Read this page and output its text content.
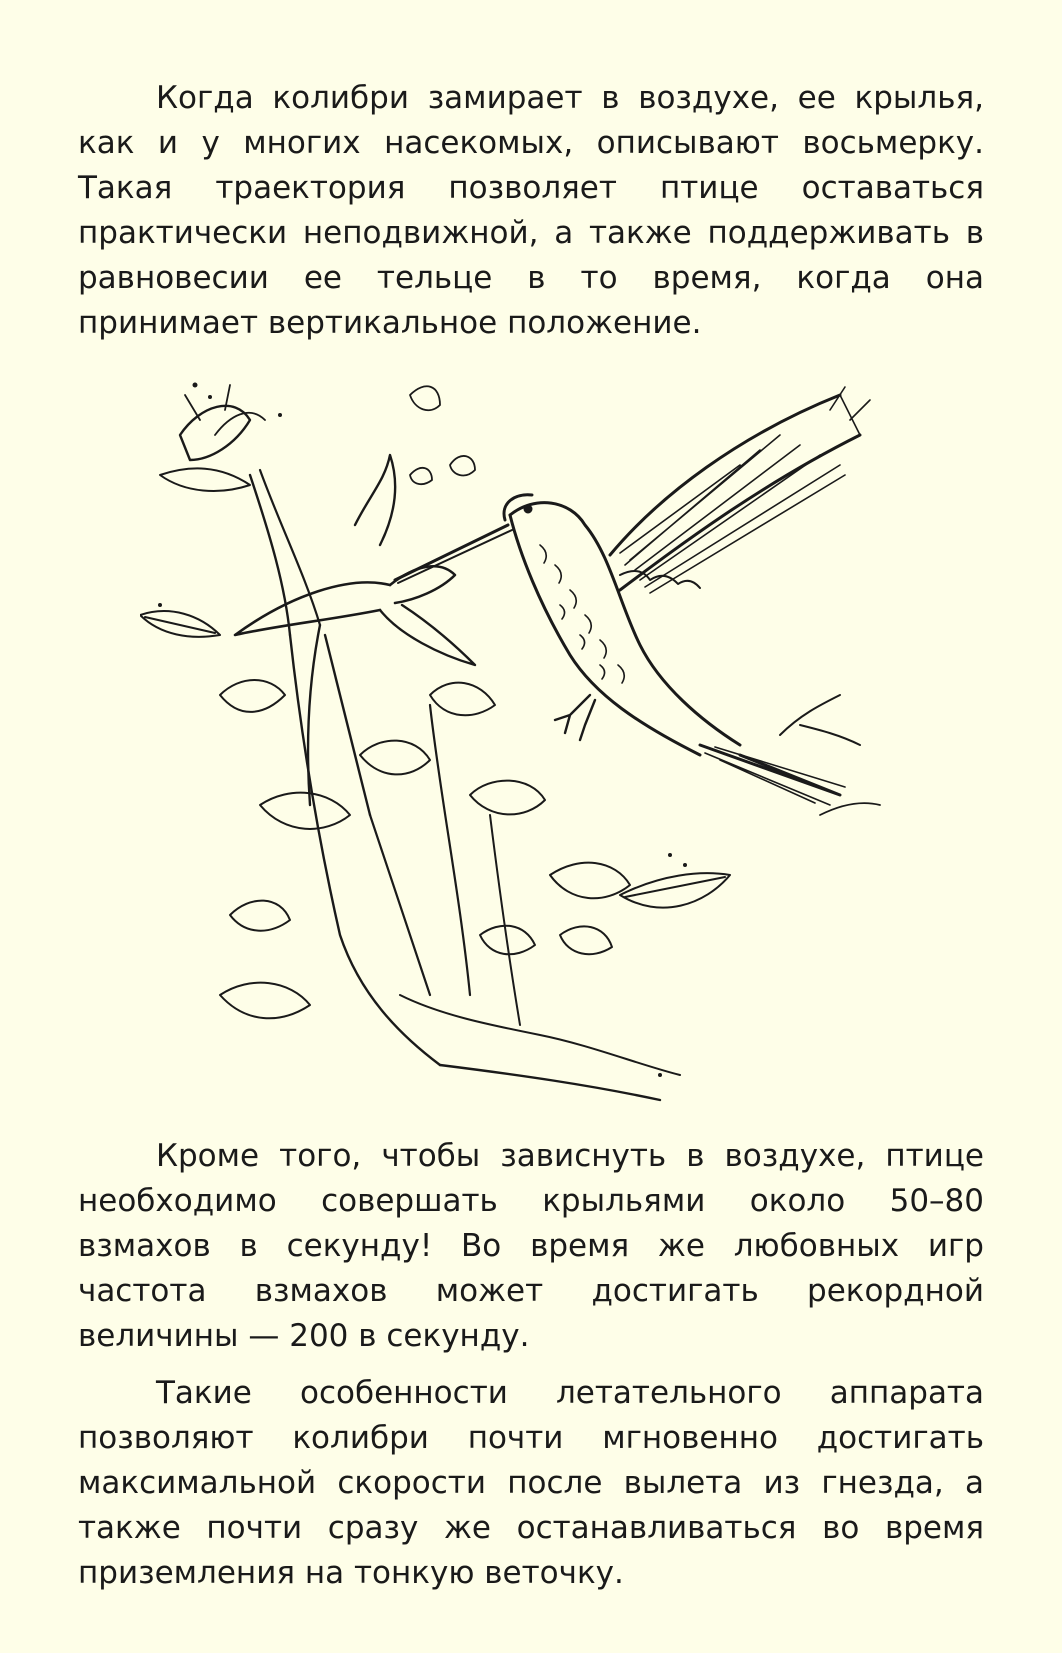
Когда колибри замирает в воздухе, ее крылья, как и у многих насекомых, описывают восьмерку. Такая траектория позволяет птице оставаться практически неподвижной, а также поддерживать в равновесии ее тельце в то время, когда она принимает вертикальное положение.

Кроме того, чтобы зависнуть в воздухе, птице необходимо совершать крыльями около 50–80 взмахов в секунду! Во время же любовных игр частота взмахов может достигать рекордной величины — 200 в секунду.

Такие особенности летательного аппарата позволяют колибри почти мгновенно достигать максимальной скорости после вылета из гнезда, а также почти сразу же останавливаться во время приземления на тонкую веточку.
